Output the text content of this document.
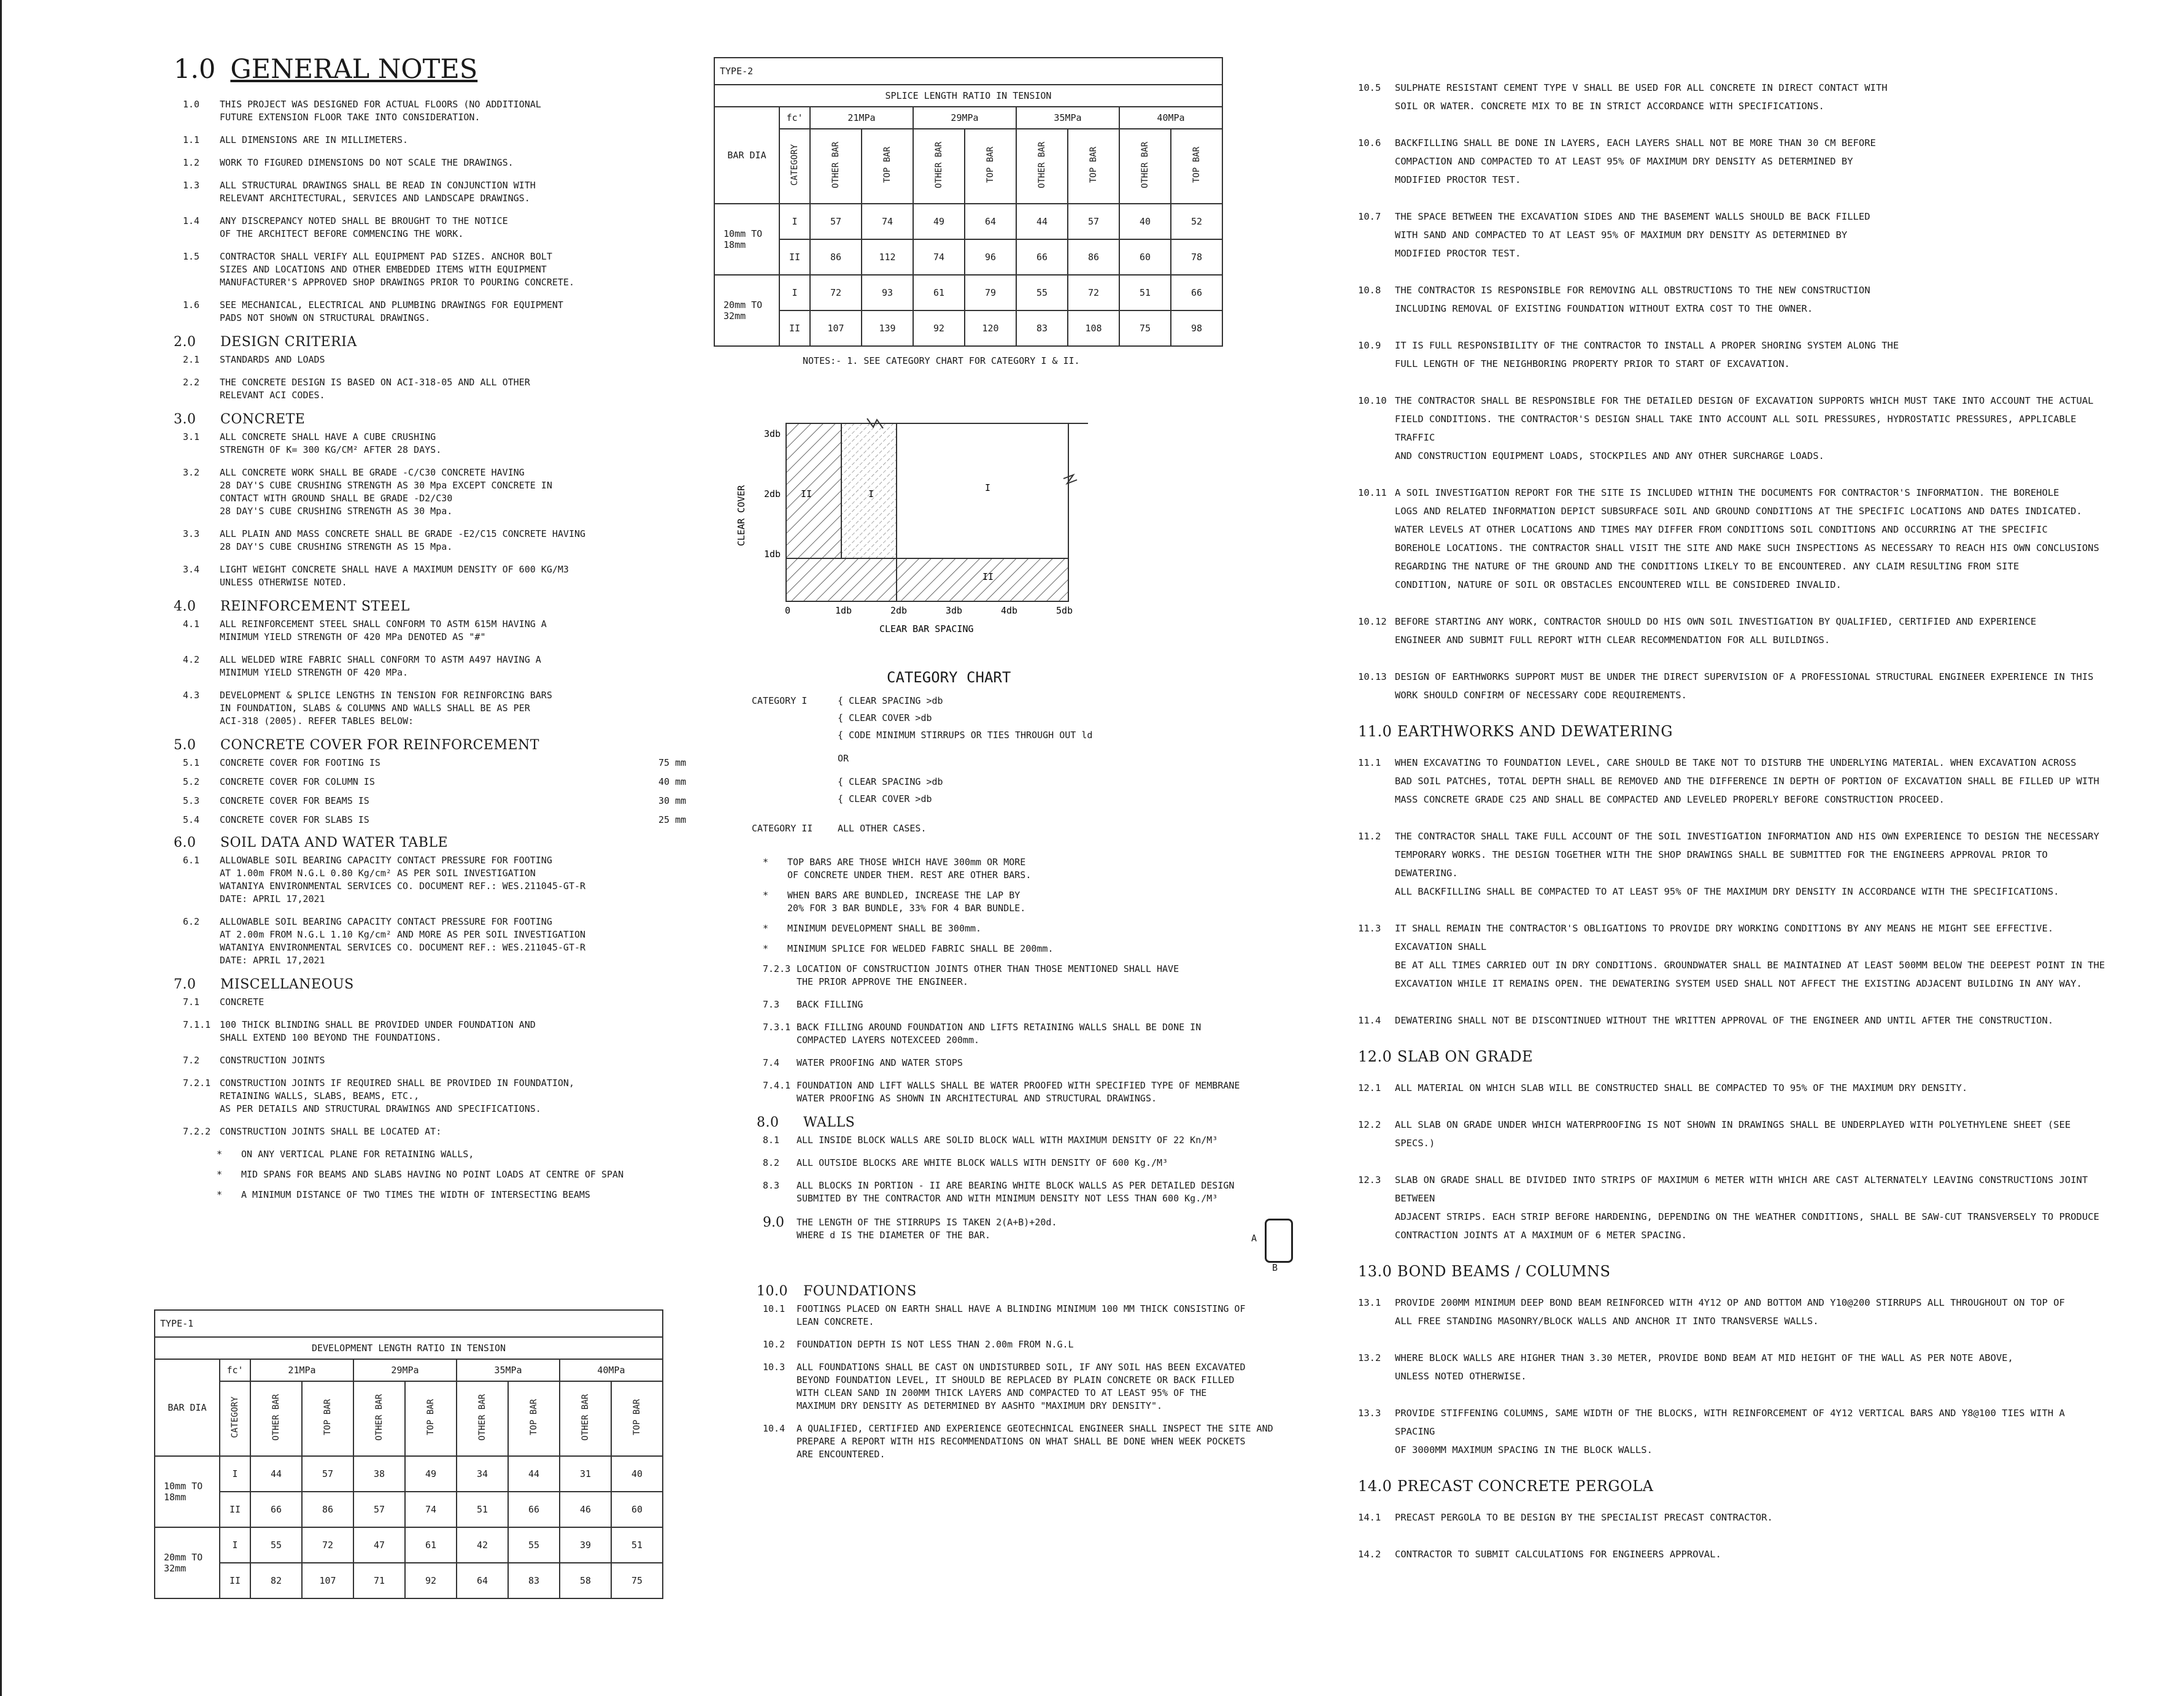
1.0 GENERAL NOTES
1.0	THIS PROJECT WAS DESIGNED FOR ACTUAL FLOORS (NO ADDITIONAL
FUTURE EXTENSION FLOOR TAKE INTO CONSIDERATION.
1.1	ALL DIMENSIONS ARE IN MILLIMETERS.
1.2	WORK TO FIGURED DIMENSIONS DO NOT SCALE THE DRAWINGS.
1.3	ALL STRUCTURAL DRAWINGS SHALL BE READ IN CONJUNCTION WITH
RELEVANT ARCHITECTURAL, SERVICES AND LANDSCAPE DRAWINGS.
1.4	ANY DISCREPANCY NOTED SHALL BE BROUGHT TO THE NOTICE
OF THE ARCHITECT BEFORE COMMENCING THE WORK.
1.5	CONTRACTOR SHALL VERIFY ALL EQUIPMENT PAD SIZES. ANCHOR BOLT
SIZES AND LOCATIONS AND OTHER EMBEDDED ITEMS WITH EQUIPMENT
MANUFACTURER'S APPROVED SHOP DRAWINGS PRIOR TO POURING CONCRETE.
1.6	SEE MECHANICAL, ELECTRICAL AND PLUMBING DRAWINGS FOR EQUIPMENT
PADS NOT SHOWN ON STRUCTURAL DRAWINGS.
2.0	DESIGN CRITERIA
2.1	STANDARDS AND LOADS
2.2	THE CONCRETE DESIGN IS BASED ON ACI-318-05 AND ALL OTHER
RELEVANT ACI CODES.
3.0	CONCRETE
3.1	ALL CONCRETE SHALL HAVE A CUBE CRUSHING
STRENGTH OF K= 300 KG/CM² AFTER 28 DAYS.
3.2	ALL CONCRETE WORK SHALL BE GRADE -C/C30 CONCRETE HAVING
28 DAY'S CUBE CRUSHING STRENGTH AS 30 Mpa EXCEPT CONCRETE IN
CONTACT WITH GROUND SHALL BE GRADE -D2/C30
28 DAY'S CUBE CRUSHING STRENGTH AS 30 Mpa.
3.3	ALL PLAIN AND MASS CONCRETE SHALL BE GRADE -E2/C15 CONCRETE HAVING
28 DAY'S CUBE CRUSHING STRENGTH AS 15 Mpa.
3.4	LIGHT WEIGHT CONCRETE SHALL HAVE A MAXIMUM DENSITY OF 600 KG/M3
UNLESS OTHERWISE NOTED.
4.0	REINFORCEMENT STEEL
4.1	ALL REINFORCEMENT STEEL SHALL CONFORM TO ASTM 615M HAVING A
MINIMUM YIELD STRENGTH OF 420 MPa DENOTED AS "#"
4.2	ALL WELDED WIRE FABRIC SHALL CONFORM TO ASTM A497 HAVING A
MINIMUM YIELD STRENGTH OF 420 MPa.
4.3	DEVELOPMENT & SPLICE LENGTHS IN TENSION FOR REINFORCING BARS
IN FOUNDATION, SLABS & COLUMNS AND WALLS SHALL BE AS PER
ACI-318 (2005). REFER TABLES BELOW:
5.0	CONCRETE COVER FOR REINFORCEMENT
5.1	CONCRETE COVER FOR FOOTING IS	75 mm
5.2	CONCRETE COVER FOR COLUMN IS	40 mm
5.3	CONCRETE COVER FOR BEAMS IS	30 mm
5.4	CONCRETE COVER FOR SLABS IS	25 mm
6.0	SOIL DATA AND WATER TABLE
6.1	ALLOWABLE SOIL BEARING CAPACITY CONTACT PRESSURE FOR FOOTING
AT 1.00m FROM N.G.L 0.80 Kg/cm² AS PER SOIL INVESTIGATION
WATANIYA ENVIRONMENTAL SERVICES CO. DOCUMENT REF.: WES.211045-GT-R
DATE: APRIL 17,2021
6.2	ALLOWABLE SOIL BEARING CAPACITY CONTACT PRESSURE FOR FOOTING
AT 2.00m FROM N.G.L 1.10 Kg/cm² AND MORE AS PER SOIL INVESTIGATION
WATANIYA ENVIRONMENTAL SERVICES CO. DOCUMENT REF.: WES.211045-GT-R
DATE: APRIL 17,2021
7.0	MISCELLANEOUS
7.1	CONCRETE
7.1.1 100 THICK BLINDING SHALL BE PROVIDED UNDER FOUNDATION AND
SHALL EXTEND 100 BEYOND THE FOUNDATIONS.
7.2	CONSTRUCTION JOINTS
7.2.1 CONSTRUCTION JOINTS IF REQUIRED SHALL BE PROVIDED IN FOUNDATION,
RETAINING WALLS, SLABS, BEAMS, ETC.,
AS PER DETAILS AND STRUCTURAL DRAWINGS AND SPECIFICATIONS.
7.2.2 CONSTRUCTION JOINTS SHALL BE LOCATED AT:
*	ON ANY VERTICAL PLANE FOR RETAINING WALLS,
*	MID SPANS FOR BEAMS AND SLABS HAVING NO POINT LOADS AT CENTRE OF SPAN
*	A MINIMUM DISTANCE OF TWO TIMES THE WIDTH OF INTERSECTING BEAMS
TYPE-1									
DEVELOPMENT LENGTH RATIO IN TENSION									
BAR DIA	fc'	21MPa		29MPa		35MPa		40MPa	
	CATEGORY	OTHER BAR	TOP BAR	OTHER BAR	TOP BAR	OTHER BAR	TOP BAR	OTHER BAR	TOP BAR
10mm TO
18mm	I	44	57	38	49	34	44	31	40
	II	66	86	57	74	51	66	46	60
20mm TO
32mm	I	55	72	47	61	42	55	39	51
	II	82	107	71	92	64	83	58	75
TYPE-2									
SPLICE LENGTH RATIO IN TENSION									
BAR DIA	fc'	21MPa		29MPa		35MPa		40MPa	
	CATEGORY	OTHER BAR	TOP BAR	OTHER BAR	TOP BAR	OTHER BAR	TOP BAR	OTHER BAR	TOP BAR
10mm TO
18mm	I	57	74	49	64	44	57	40	52
	II	86	112	74	96	66	86	60	78
20mm TO
32mm	I	72	93	61	79	55	72	51	66
	II	107	139	92	120	83	108	75	98
NOTES:- 1. SEE CATEGORY CHART FOR CATEGORY I & II.
3db
2db
1db
0	1db	2db	3db	4db	5db
CLEAR BAR SPACING
CLEAR COVER	II	I
I
II
CATEGORY CHART
CATEGORY I	{ CLEAR SPACING >db
{ CLEAR COVER >db
{ CODE MINIMUM STIRRUPS OR TIES THROUGH OUT ld
OR
{ CLEAR SPACING >db
{ CLEAR COVER >db
CATEGORY II	ALL OTHER CASES.
*	TOP BARS ARE THOSE WHICH HAVE 300mm OR MORE
OF CONCRETE UNDER THEM. REST ARE OTHER BARS.
*	WHEN BARS ARE BUNDLED, INCREASE THE LAP BY
20% FOR 3 BAR BUNDLE, 33% FOR 4 BAR BUNDLE.
*	MINIMUM DEVELOPMENT SHALL BE 300mm.
*	MINIMUM SPLICE FOR WELDED FABRIC SHALL BE 200mm.
7.2.3 LOCATION OF CONSTRUCTION JOINTS OTHER THAN THOSE MENTIONED SHALL HAVE
THE PRIOR APPROVE THE ENGINEER.
7.3	BACK FILLING
7.3.1 BACK FILLING AROUND FOUNDATION AND LIFTS RETAINING WALLS SHALL BE DONE IN
COMPACTED LAYERS NOTEXCEED 200mm.
7.4	WATER PROOFING AND WATER STOPS
7.4.1 FOUNDATION AND LIFT WALLS SHALL BE WATER PROOFED WITH SPECIFIED TYPE OF MEMBRANE
WATER PROOFING AS SHOWN IN ARCHITECTURAL AND STRUCTURAL DRAWINGS.
8.0	WALLS
8.1	ALL INSIDE BLOCK WALLS ARE SOLID BLOCK WALL WITH MAXIMUM DENSITY OF 22 Kn/M³
8.2	ALL OUTSIDE BLOCKS ARE WHITE BLOCK WALLS WITH DENSITY OF 600 Kg./M³
8.3	ALL BLOCKS IN PORTION - II ARE BEARING WHITE BLOCK WALLS AS PER DETAILED DESIGN
SUBMITED BY THE CONTRACTOR AND WITH MINIMUM DENSITY NOT LESS THAN 600 Kg./M³
9.0	THE LENGTH OF THE STIRRUPS IS TAKEN 2(A+B)+20d.
WHERE d IS THE DIAMETER OF THE BAR.	A
B
10.0	FOUNDATIONS
10.1	FOOTINGS PLACED ON EARTH SHALL HAVE A BLINDING MINIMUM 100 MM THICK CONSISTING OF
LEAN CONCRETE.
10.2	FOUNDATION DEPTH IS NOT LESS THAN 2.00m FROM N.G.L
10.3	ALL FOUNDATIONS SHALL BE CAST ON UNDISTURBED SOIL, IF ANY SOIL HAS BEEN EXCAVATED
BEYOND FOUNDATION LEVEL, IT SHOULD BE REPLACED BY PLAIN CONCRETE OR BACK FILLED
WITH CLEAN SAND IN 200MM THICK LAYERS AND COMPACTED TO AT LEAST 95% OF THE
MAXIMUM DRY DENSITY AS DETERMINED BY AASHTO "MAXIMUM DRY DENSITY".
10.4	A QUALIFIED, CERTIFIED AND EXPERIENCE GEOTECHNICAL ENGINEER SHALL INSPECT THE SITE AND
PREPARE A REPORT WITH HIS RECOMMENDATIONS ON WHAT SHALL BE DONE WHEN WEEK POCKETS
ARE ENCOUNTERED.
10.5	SULPHATE RESISTANT CEMENT TYPE V SHALL BE USED FOR ALL CONCRETE IN DIRECT CONTACT WITH
SOIL OR WATER. CONCRETE MIX TO BE IN STRICT ACCORDANCE WITH SPECIFICATIONS.
10.6	BACKFILLING SHALL BE DONE IN LAYERS, EACH LAYERS SHALL NOT BE MORE THAN 30 CM BEFORE
COMPACTION AND COMPACTED TO AT LEAST 95% OF MAXIMUM DRY DENSITY AS DETERMINED BY
MODIFIED PROCTOR TEST.
10.7	THE SPACE BETWEEN THE EXCAVATION SIDES AND THE BASEMENT WALLS SHOULD BE BACK FILLED
WITH SAND AND COMPACTED TO AT LEAST 95% OF MAXIMUM DRY DENSITY AS DETERMINED BY
MODIFIED PROCTOR TEST.
10.8	THE CONTRACTOR IS RESPONSIBLE FOR REMOVING ALL OBSTRUCTIONS TO THE NEW CONSTRUCTION
INCLUDING REMOVAL OF EXISTING FOUNDATION WITHOUT EXTRA COST TO THE OWNER.
10.9	IT IS FULL RESPONSIBILITY OF THE CONTRACTOR TO INSTALL A PROPER SHORING SYSTEM ALONG THE
FULL LENGTH OF THE NEIGHBORING PROPERTY PRIOR TO START OF EXCAVATION.
10.10 THE CONTRACTOR SHALL BE RESPONSIBLE FOR THE DETAILED DESIGN OF EXCAVATION SUPPORTS WHICH MUST TAKE INTO ACCOUNT THE ACTUAL
FIELD CONDITIONS. THE CONTRACTOR'S DESIGN SHALL TAKE INTO ACCOUNT ALL SOIL PRESSURES, HYDROSTATIC PRESSURES, APPLICABLE TRAFFIC
AND CONSTRUCTION EQUIPMENT LOADS, STOCKPILES AND ANY OTHER SURCHARGE LOADS.
10.11 A SOIL INVESTIGATION REPORT FOR THE SITE IS INCLUDED WITHIN THE DOCUMENTS FOR CONTRACTOR'S INFORMATION. THE BOREHOLE
LOGS AND RELATED INFORMATION DEPICT SUBSURFACE SOIL AND GROUND CONDITIONS AT THE SPECIFIC LOCATIONS AND DATES INDICATED.
WATER LEVELS AT OTHER LOCATIONS AND TIMES MAY DIFFER FROM CONDITIONS SOIL CONDITIONS AND OCCURRING AT THE SPECIFIC
BOREHOLE LOCATIONS. THE CONTRACTOR SHALL VISIT THE SITE AND MAKE SUCH INSPECTIONS AS NECESSARY TO REACH HIS OWN CONCLUSIONS
REGARDING THE NATURE OF THE GROUND AND THE CONDITIONS LIKELY TO BE ENCOUNTERED. ANY CLAIM RESULTING FROM SITE
CONDITION, NATURE OF SOIL OR OBSTACLES ENCOUNTERED WILL BE CONSIDERED INVALID.
10.12 BEFORE STARTING ANY WORK, CONTRACTOR SHOULD DO HIS OWN SOIL INVESTIGATION BY QUALIFIED, CERTIFIED AND EXPERIENCE
ENGINEER AND SUBMIT FULL REPORT WITH CLEAR RECOMMENDATION FOR ALL BUILDINGS.
10.13 DESIGN OF EARTHWORKS SUPPORT MUST BE UNDER THE DIRECT SUPERVISION OF A PROFESSIONAL STRUCTURAL ENGINEER EXPERIENCE IN THIS
WORK SHOULD CONFIRM OF NECESSARY CODE REQUIREMENTS.
11.0 EARTHWORKS AND DEWATERING
11.1	WHEN EXCAVATING TO FOUNDATION LEVEL, CARE SHOULD BE TAKE NOT TO DISTURB THE UNDERLYING MATERIAL. WHEN EXCAVATION ACROSS
BAD SOIL PATCHES, TOTAL DEPTH SHALL BE REMOVED AND THE DIFFERENCE IN DEPTH OF PORTION OF EXCAVATION SHALL BE FILLED UP WITH
MASS CONCRETE GRADE C25 AND SHALL BE COMPACTED AND LEVELED PROPERLY BEFORE CONSTRUCTION PROCEED.
11.2	THE CONTRACTOR SHALL TAKE FULL ACCOUNT OF THE SOIL INVESTIGATION INFORMATION AND HIS OWN EXPERIENCE TO DESIGN THE NECESSARY
TEMPORARY WORKS. THE DESIGN TOGETHER WITH THE SHOP DRAWINGS SHALL BE SUBMITTED FOR THE ENGINEERS APPROVAL PRIOR TO DEWATERING.
ALL BACKFILLING SHALL BE COMPACTED TO AT LEAST 95% OF THE MAXIMUM DRY DENSITY IN ACCORDANCE WITH THE SPECIFICATIONS.
11.3	IT SHALL REMAIN THE CONTRACTOR'S OBLIGATIONS TO PROVIDE DRY WORKING CONDITIONS BY ANY MEANS HE MIGHT SEE EFFECTIVE. EXCAVATION SHALL
BE AT ALL TIMES CARRIED OUT IN DRY CONDITIONS. GROUNDWATER SHALL BE MAINTAINED AT LEAST 500MM BELOW THE DEEPEST POINT IN THE
EXCAVATION WHILE IT REMAINS OPEN. THE DEWATERING SYSTEM USED SHALL NOT AFFECT THE EXISTING ADJACENT BUILDING IN ANY WAY.
11.4	DEWATERING SHALL NOT BE DISCONTINUED WITHOUT THE WRITTEN APPROVAL OF THE ENGINEER AND UNTIL AFTER THE CONSTRUCTION.
12.0 SLAB ON GRADE
12.1	ALL MATERIAL ON WHICH SLAB WILL BE CONSTRUCTED SHALL BE COMPACTED TO 95% OF THE MAXIMUM DRY DENSITY.
12.2	ALL SLAB ON GRADE UNDER WHICH WATERPROOFING IS NOT SHOWN IN DRAWINGS SHALL BE UNDERPLAYED WITH POLYETHYLENE SHEET (SEE SPECS.)
12.3	SLAB ON GRADE SHALL BE DIVIDED INTO STRIPS OF MAXIMUM 6 METER WITH WHICH ARE CAST ALTERNATELY LEAVING CONSTRUCTIONS JOINT BETWEEN
ADJACENT STRIPS. EACH STRIP BEFORE HARDENING, DEPENDING ON THE WEATHER CONDITIONS, SHALL BE SAW-CUT TRANSVERSELY TO PRODUCE
CONTRACTION JOINTS AT A MAXIMUM OF 6 METER SPACING.
13.0 BOND BEAMS / COLUMNS
13.1	PROVIDE 200MM MINIMUM DEEP BOND BEAM REINFORCED WITH 4Y12 OP AND BOTTOM AND Y10@200 STIRRUPS ALL THROUGHOUT ON TOP OF
ALL FREE STANDING MASONRY/BLOCK WALLS AND ANCHOR IT INTO TRANSVERSE WALLS.
13.2	WHERE BLOCK WALLS ARE HIGHER THAN 3.30 METER, PROVIDE BOND BEAM AT MID HEIGHT OF THE WALL AS PER NOTE ABOVE,
UNLESS NOTED OTHERWISE.
13.3	PROVIDE STIFFENING COLUMNS, SAME WIDTH OF THE BLOCKS, WITH REINFORCEMENT OF 4Y12 VERTICAL BARS AND Y8@100 TIES WITH A SPACING
OF 3000MM MAXIMUM SPACING IN THE BLOCK WALLS.
14.0 PRECAST CONCRETE PERGOLA
14.1	PRECAST PERGOLA TO BE DESIGN BY THE SPECIALIST PRECAST CONTRACTOR.
14.2	CONTRACTOR TO SUBMIT CALCULATIONS FOR ENGINEERS APPROVAL.
